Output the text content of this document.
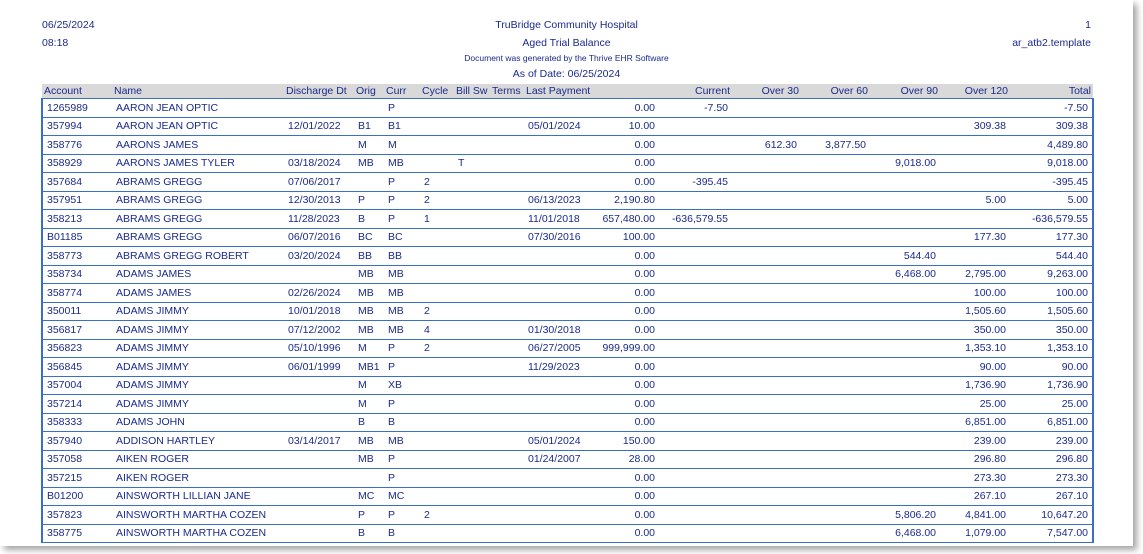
06/25/2024
08:18
TruBridge Community Hospital
Aged Trial Balance
Document was generated by the Thrive EHR Software
As of Date: 06/25/2024
1
ar_atb2.template
Account	Name	Discharge Dt	Orig	Curr	Cycle	Bill Sw	Terms	Last Payment		Current	Over 30	Over 60	Over 90	Over 120	Total
1265989	AARON JEAN OPTIC			P					0.00	-7.50					-7.50
357994	AARON JEAN OPTIC	12/01/2022	B1	B1				05/01/2024	10.00					309.38	309.38
358776	AARONS JAMES		M	M					0.00		612.30	3,877.50			4,489.80
358929	AARONS JAMES TYLER	03/18/2024	MB	MB		T			0.00				9,018.00		9,018.00
357684	ABRAMS GREGG	07/06/2017		P	2				0.00	-395.45					-395.45
357951	ABRAMS GREGG	12/30/2013	P	P	2			06/13/2023	2,190.80					5.00	5.00
358213	ABRAMS GREGG	11/28/2023	B	P	1			11/01/2018	657,480.00	-636,579.55					-636,579.55
B01185	ABRAMS GREGG	06/07/2016	BC	BC				07/30/2016	100.00					177.30	177.30
358773	ABRAMS GREGG ROBERT	03/20/2024	BB	BB					0.00				544.40		544.40
358734	ADAMS JAMES		MB	MB					0.00				6,468.00	2,795.00	9,263.00
358774	ADAMS JAMES	02/26/2024	MB	MB					0.00					100.00	100.00
350011	ADAMS JIMMY	10/01/2018	MB	MB	2				0.00					1,505.60	1,505.60
356817	ADAMS JIMMY	07/12/2002	MB	MB	4			01/30/2018	0.00					350.00	350.00
356823	ADAMS JIMMY	05/10/1996	M	P	2			06/27/2005	999,999.00					1,353.10	1,353.10
356845	ADAMS JIMMY	06/01/1999	MB1	P				11/29/2023	0.00					90.00	90.00
357004	ADAMS JIMMY		M	XB					0.00					1,736.90	1,736.90
357214	ADAMS JIMMY		M	P					0.00					25.00	25.00
358333	ADAMS JOHN		B	B					0.00					6,851.00	6,851.00
357940	ADDISON HARTLEY	03/14/2017	MB	MB				05/01/2024	150.00					239.00	239.00
357058	AIKEN ROGER		MB	P				01/24/2007	28.00					296.80	296.80
357215	AIKEN ROGER			P					0.00					273.30	273.30
B01200	AINSWORTH LILLIAN JANE		MC	MC					0.00					267.10	267.10
357823	AINSWORTH MARTHA COZEN		P	P	2				0.00				5,806.20	4,841.00	10,647.20
358775	AINSWORTH MARTHA COZEN		B	B					0.00				6,468.00	1,079.00	7,547.00
